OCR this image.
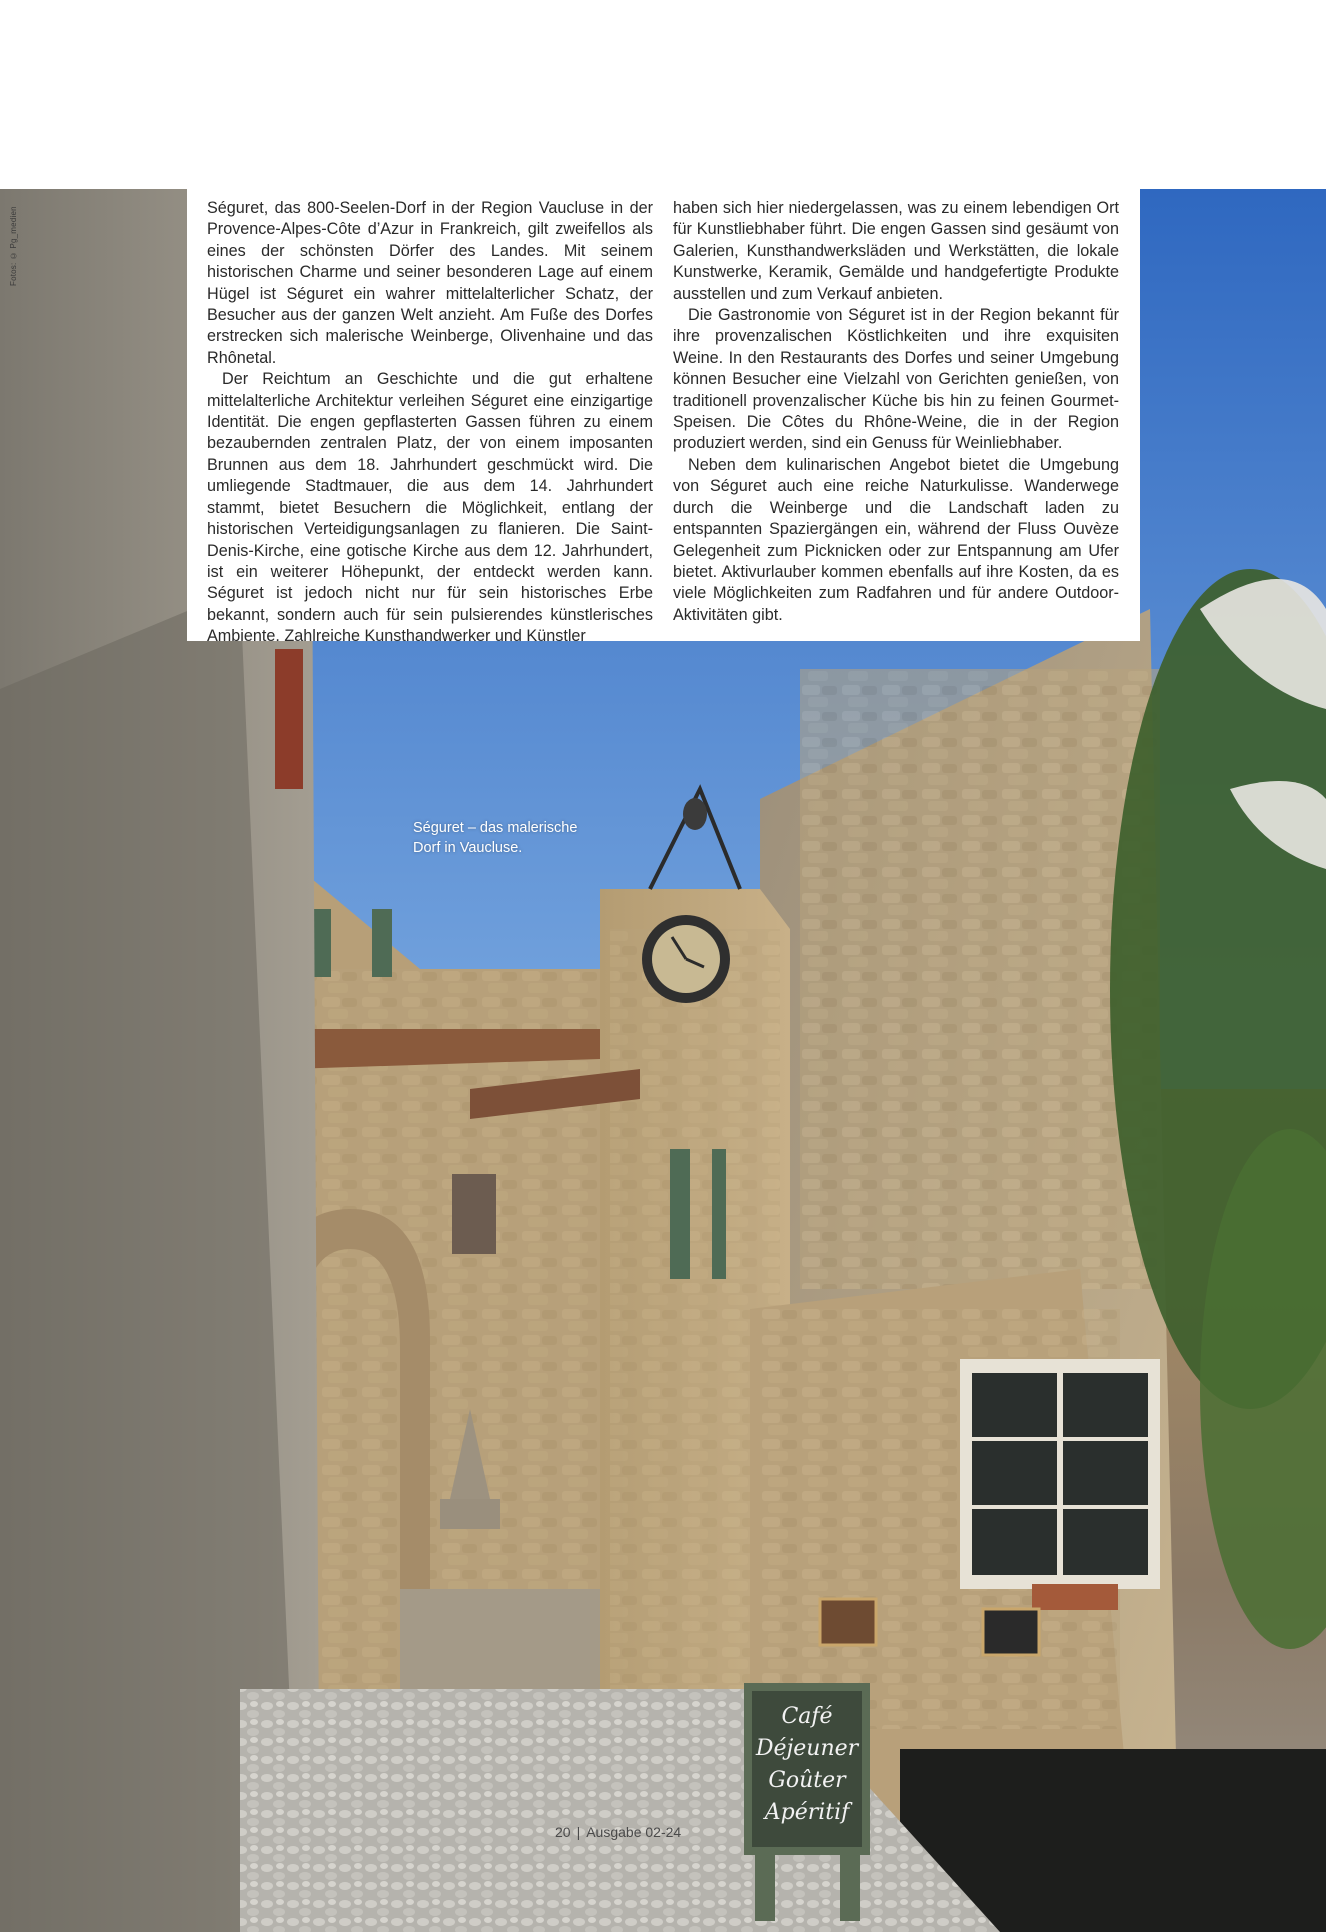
Café
Déjeuner
Goûter
Apéritif
Fotos: © Pg_medien	Séguret, das 800-Seelen-Dorf in der Region Vaucluse in der Provence-Alpes-Côte d’Azur in Frankreich, gilt zweifellos als eines der schönsten Dörfer des Landes. Mit seinem historischen Charme und seiner besonderen Lage auf einem Hügel ist Séguret ein wahrer mittelalterlicher Schatz, der Besucher aus der ganzen Welt anzieht. Am Fuße des Dorfes erstrecken sich malerische Weinberge, Olivenhaine und das Rhônetal.

Der Reichtum an Geschichte und die gut erhaltene mittelalterliche Architektur verleihen Séguret eine einzigartige Identität. Die engen gepflasterten Gassen führen zu einem bezaubernden zentralen Platz, der von einem imposanten Brunnen aus dem 18. Jahrhundert geschmückt wird. Die umliegende Stadtmauer, die aus dem 14. Jahrhundert stammt, bietet Besuchern die Möglichkeit, entlang der historischen Verteidigungsanlagen zu flanieren. Die Saint-Denis-Kirche, eine gotische Kirche aus dem 12. Jahrhundert, ist ein weiterer Höhepunkt, der entdeckt werden kann. Séguret ist jedoch nicht nur für sein historisches Erbe bekannt, sondern auch für sein pulsierendes künstlerisches Ambiente. Zahlreiche Kunsthandwerker und Künstler

haben sich hier niedergelassen, was zu einem lebendigen Ort für Kunstliebhaber führt. Die engen Gassen sind gesäumt von Galerien, Kunsthandwerksläden und Werkstätten, die lokale Kunstwerke, Keramik, Gemälde und handgefertigte Produkte ausstellen und zum Verkauf anbieten.

Die Gastronomie von Séguret ist in der Region bekannt für ihre provenzalischen Köstlichkeiten und ihre exquisiten Weine. In den Restaurants des Dorfes und seiner Umgebung können Besucher eine Vielzahl von Gerichten genießen, von traditionell provenzalischer Küche bis hin zu feinen Gourmet-Speisen. Die Côtes du Rhône-Weine, die in der Region produziert werden, sind ein Genuss für Weinliebhaber.

Neben dem kulinarischen Angebot bietet die Umgebung von Séguret auch eine reiche Naturkulisse. Wanderwege durch die Weinberge und die Landschaft laden zu entspannten Spaziergängen ein, während der Fluss Ouvèze Gelegenheit zum Picknicken oder zur Entspannung am Ufer bietet. Aktivurlauber kommen ebenfalls auf ihre Kosten, da es viele Möglichkeiten zum Radfahren und für andere Outdoor-Aktivitäten gibt.

Séguret – das malerische
Dorf in Vaucluse.
20 | Ausgabe 02-24
